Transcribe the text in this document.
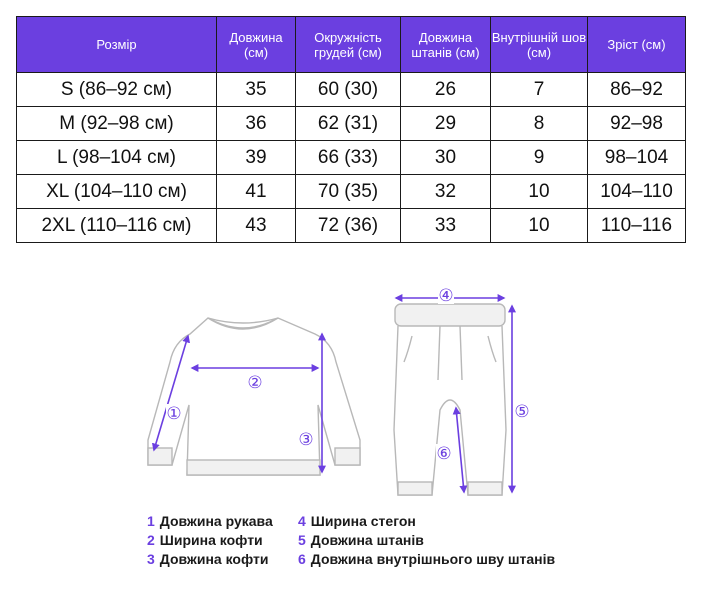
Розмір	Довжина (см)	Окружність грудей (см)	Довжина штанів (см)	Внутрішній шов (см)	Зріст (см)
S (86–92 см)	35	60 (30)	26	7	86–92
M (92–98 см)	36	62 (31)	29	8	92–98
L (98–104 см)	39	66 (33)	30	9	98–104
XL (104–110 см)	41	70 (35)	32	10	104–110
2XL (110–116 см)	43	72 (36)	33	10	110–116
①
②
③
④
⑤
⑥
1 Довжина рукава
2 Ширина кофти
3 Довжина кофти
4 Ширина стегон
5 Довжина штанів
6 Довжина внутрішнього шву штанів
